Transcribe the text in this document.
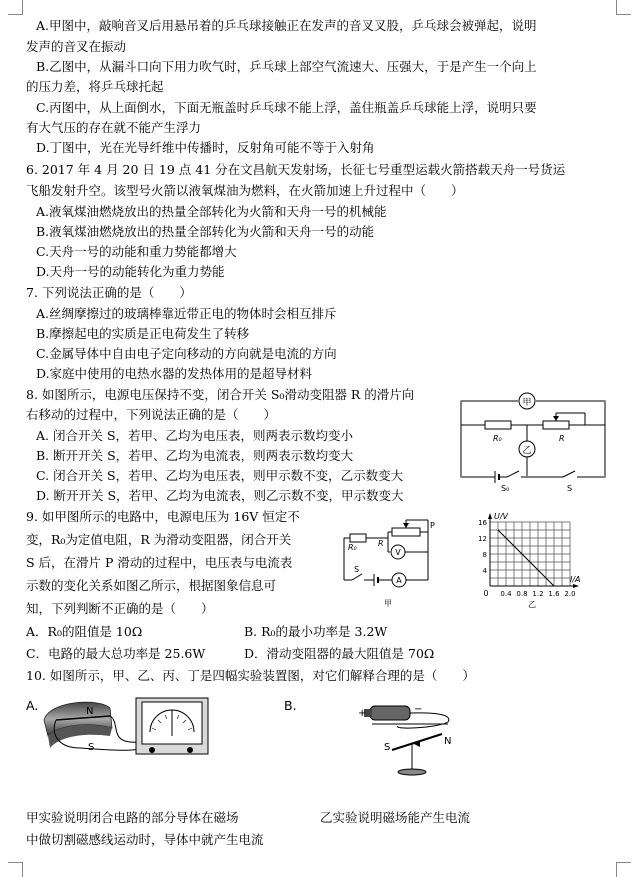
A.甲图中，敲响音叉后用悬吊着的乒乓球接触正在发声的音叉叉股，乒乓球会被弹起，说明
发声的音叉在振动
B.乙图中，从漏斗口向下用力吹气时，乒乓球上部空气流速大、压强大，于是产生一个向上
的压力差，将乒乓球托起
C.丙图中，从上面倒水，下面无瓶盖时乒乓球不能上浮，盖住瓶盖乒乓球能上浮，说明只要
有大气压的存在就不能产生浮力
D.丁图中，光在光导纤维中传播时，反射角可能不等于入射角
6. 2017 年 4 月 20 日 19 点 41 分在文昌航天发射场，长征七号重型运载火箭搭载天舟一号货运
飞船发射升空。该型号火箭以液氧煤油为燃料，在火箭加速上升过程中（　　）
A.液氧煤油燃烧放出的热量全部转化为火箭和天舟一号的机械能
B.液氧煤油燃烧放出的热量全部转化为火箭和天舟一号的动能
C.天舟一号的动能和重力势能都增大
D.天舟一号的动能转化为重力势能
7. 下列说法正确的是（　　）
A.丝绸摩擦过的玻璃棒靠近带正电的物体时会相互排斥
B.摩擦起电的实质是正电荷发生了转移
C.金属导体中自由电子定向移动的方向就是电流的方向
D.家庭中使用的电热水器的发热体用的是超导材料
8. 如图所示，电源电压保持不变，闭合开关 S₀滑动变阻器 R 的滑片向
右移动的过程中，下列说法正确的是（　　）
A. 闭合开关 S，若甲、乙均为电压表，则两表示数均变小
B. 断开开关 S，若甲、乙均为电流表，则两表示数均变大
C. 闭合开关 S，若甲、乙均为电压表，则甲示数不变，乙示数变大
D. 断开开关 S，若甲、乙均为电流表，则乙示数不变，甲示数变大
甲
乙
R₀	R
S₀	S
9. 如甲图所示的电路中，电源电压为 16V 恒定不
变，R₀为定值电阻，R 为滑动变阻器，闭合开关
S 后，在滑片 P 滑动的过程中，电压表与电流表
示数的变化关系如图乙所示，根据图象信息可
知，下列判断不正确的是（　　）
R₀	R
P
V
A
S
甲
0.4 0.8 1.2 1.6 2.0
4
8
12
16
U/V
I/A
0
乙
A．R₀的阻值是 10Ω	B. R₀的最小功率是 3.2W
C．电路的最大总功率是 25.6W	D．滑动变阻器的最大阻值是 70Ω
10. 如图所示，甲、乙、丙、丁是四幅实验装置图，对它们解释合理的是（　　）
A.	B.
N
S
+	−
S
N
甲实验说明闭合电路的部分导体在磁场
中做切割磁感线运动时，导体中就产生电流
乙实验说明磁场能产生电流
